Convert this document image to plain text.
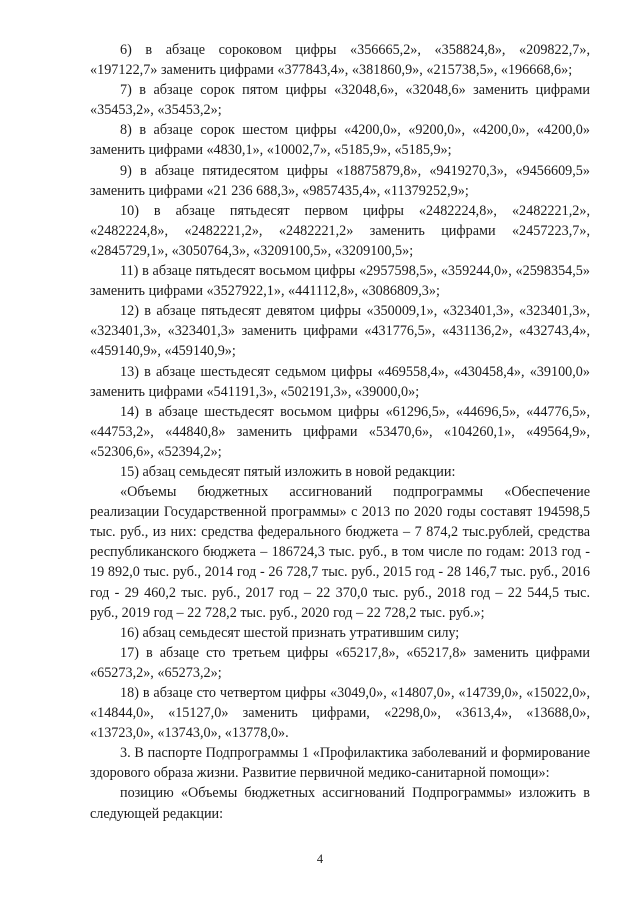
6) в абзаце сороковом цифры «356665,2», «358824,8», «209822,7», «197122,7» заменить цифрами «377843,4», «381860,9», «215738,5», «196668,6»;

7) в абзаце сорок пятом цифры «32048,6», «32048,6» заменить цифрами «35453,2», «35453,2»;

8) в абзаце сорок шестом цифры «4200,0», «9200,0», «4200,0», «4200,0» заменить цифрами «4830,1», «10002,7», «5185,9», «5185,9»;

9) в абзаце пятидесятом цифры «18875879,8», «9419270,3», «9456609,5» заменить цифрами «21 236 688,3», «9857435,4», «11379252,9»;

10) в абзаце пятьдесят первом цифры «2482224,8», «2482221,2», «2482224,8», «2482221,2», «2482221,2» заменить цифрами «2457223,7», «2845729,1», «3050764,3», «3209100,5», «3209100,5»;

11) в абзаце пятьдесят восьмом цифры «2957598,5», «359244,0», «2598354,5» заменить цифрами «3527922,1», «441112,8», «3086809,3»;

12) в абзаце пятьдесят девятом цифры «350009,1», «323401,3», «323401,3», «323401,3», «323401,3» заменить цифрами «431776,5», «431136,2», «432743,4», «459140,9», «459140,9»;

13) в абзаце шестьдесят седьмом цифры «469558,4», «430458,4», «39100,0» заменить цифрами «541191,3», «502191,3», «39000,0»;

14) в абзаце шестьдесят восьмом цифры «61296,5», «44696,5», «44776,5», «44753,2», «44840,8» заменить цифрами «53470,6», «104260,1», «49564,9», «52306,6», «52394,2»;

15) абзац семьдесят пятый изложить в новой редакции:

«Объемы бюджетных ассигнований подпрограммы «Обеспечение реализации Государственной программы» с 2013 по 2020 годы составят 194598,5 тыс. руб., из них: средства федерального бюджета – 7 874,2 тыс.рублей, средства республиканского бюджета – 186724,3 тыс. руб., в том числе по годам: 2013 год - 19 892,0 тыс. руб., 2014 год - 26 728,7 тыс. руб., 2015 год - 28 146,7 тыс. руб., 2016 год - 29 460,2 тыс. руб., 2017 год – 22 370,0 тыс. руб., 2018 год – 22 544,5 тыс. руб., 2019 год – 22 728,2 тыс. руб., 2020 год – 22 728,2 тыс. руб.»;

16) абзац семьдесят шестой признать утратившим силу;

17) в абзаце сто третьем цифры «65217,8», «65217,8» заменить цифрами «65273,2», «65273,2»;

18) в абзаце сто четвертом цифры «3049,0», «14807,0», «14739,0», «15022,0», «14844,0», «15127,0» заменить цифрами, «2298,0», «3613,4», «13688,0», «13723,0», «13743,0», «13778,0».

3. В паспорте Подпрограммы 1 «Профилактика заболеваний и формирование здорового образа жизни. Развитие первичной медико-санитарной помощи»:

позицию «Объемы бюджетных ассигнований Подпрограммы» изложить в следующей редакции:

4
